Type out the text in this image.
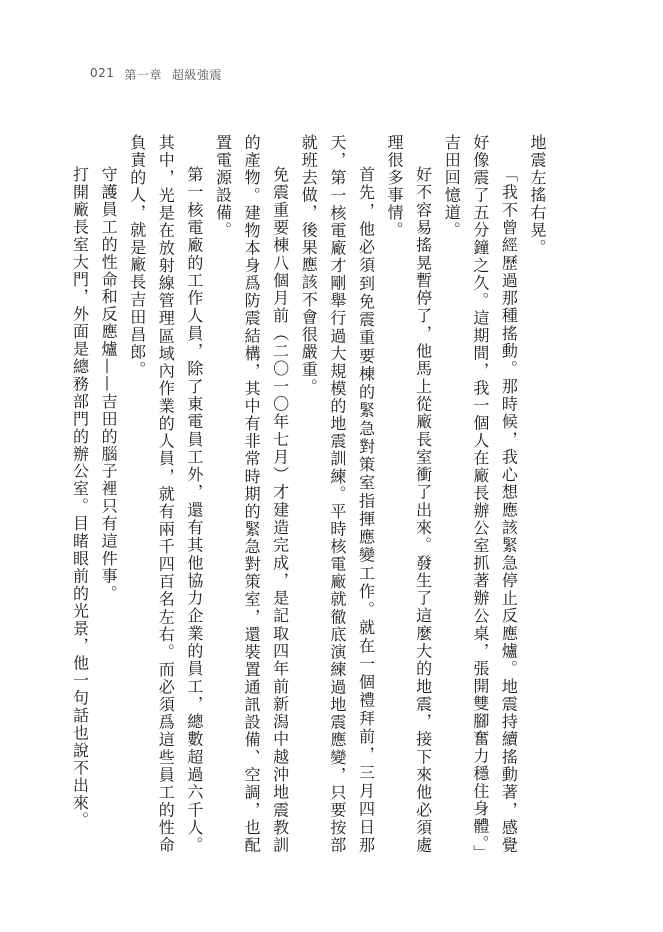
021 第一章 超級強震

地震左搖右晃。

「我不曾經歷過那種搖動。那時候，我心想應該緊急停止反應爐。地震持續搖動著，感覺好像震了五分鐘之久。這期間，我一個人在廠長辦公室抓著辦公桌，張開雙腳奮力穩住身體。」吉田回憶道。

好不容易搖晃暫停了，他馬上從廠長室衝了出來。發生了這麼大的地震，接下來他必須處理很多事情。

首先，他必須到免震重要棟的緊急對策室指揮應變工作。就在一個禮拜前，三月四日那天，第一核電廠才剛舉行過大規模的地震訓練。平時核電廠就徹底演練過地震應變，只要按部就班去做，後果應該不會很嚴重。

免震重要棟八個月前（二〇一〇年七月）才建造完成，是記取四年前新潟中越沖地震教訓的產物。建物本身爲防震結構，其中有非常時期的緊急對策室，還裝置通訊設備、空調，也配置電源設備。

第一核電廠的工作人員，除了東電員工外，還有其他協力企業的員工，總數超過六千人。其中，光是在放射線管理區域內作業的人員，就有兩千四百名左右。而必須爲這些員工的性命負責的人，就是廠長吉田昌郎。

守護員工的性命和反應爐——吉田的腦子裡只有這件事。

打開廠長室大門，外面是總務部門的辦公室。目睹眼前的光景，他一句話也說不出來。
